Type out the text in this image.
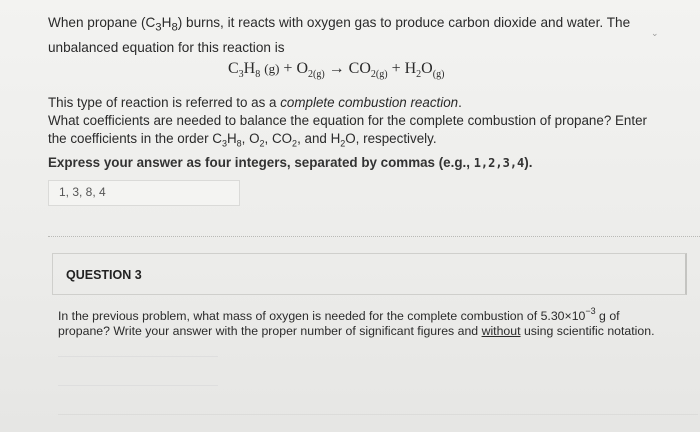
When propane $(C_3H_8)$ burns, it reacts with oxygen gas to produce carbon dioxide and water. The unbalanced equation for this reaction is
⌄
$C_3H_8$ $(g) + O_{2(g)} \to CO_{2(g)} + H_2O_{(g)}$
This type of reaction is referred to as a complete combustion reaction.
What coefficients are needed to balance the equation for the complete combustion of propane? Enter the coefficients in the order $C_3H_8$, $O_2$, $CO_2$, and $H_2O$, respectively.
Express your answer as four integers, separated by commas (e.g., 1,2,3,4).
1, 3, 8, 4
QUESTION 3
In the previous problem, what mass of oxygen is needed for the complete combustion of $5.30\times 10^{-3}$ g of propane? Write your answer with the proper number of significant figures and without using scientific notation.
